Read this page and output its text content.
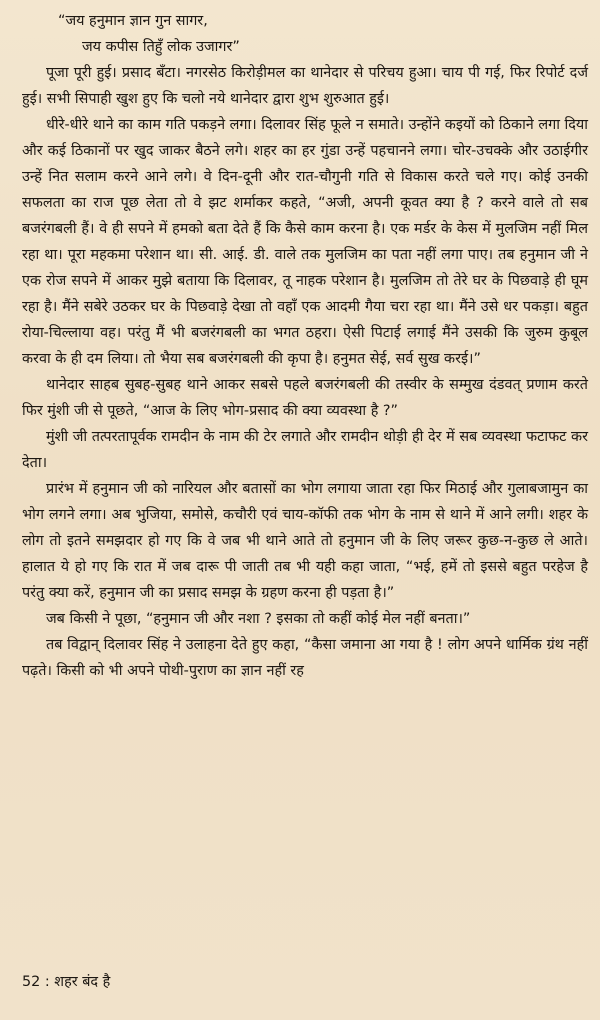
“जय हनुमान ज्ञान गुन सागर,

जय कपीस तिहुँ लोक उजागर”

पूजा पूरी हुई। प्रसाद बँटा। नगरसेठ किरोड़ीमल का थानेदार से परिचय हुआ। चाय पी गई, फिर रिपोर्ट दर्ज हुई। सभी सिपाही खुश हुए कि चलो नये थानेदार द्वारा शुभ शुरुआत हुई।

धीरे-धीरे थाने का काम गति पकड़ने लगा। दिलावर सिंह फूले न समाते। उन्होंने कइयों को ठिकाने लगा दिया और कई ठिकानों पर खुद जाकर बैठने लगे। शहर का हर गुंडा उन्हें पहचानने लगा। चोर-उचक्के और उठाईगीर उन्हें नित सलाम करने आने लगे। वे दिन-दूनी और रात-चौगुनी गति से विकास करते चले गए। कोई उनकी सफलता का राज पूछ लेता तो वे झट शर्माकर कहते, “अजी, अपनी कूवत क्या है ? करने वाले तो सब बजरंगबली हैं। वे ही सपने में हमको बता देते हैं कि कैसे काम करना है। एक मर्डर के केस में मुलजिम नहीं मिल रहा था। पूरा महकमा परेशान था। सी. आई. डी. वाले तक मुलजिम का पता नहीं लगा पाए। तब हनुमान जी ने एक रोज सपने में आकर मुझे बताया कि दिलावर, तू नाहक परेशान है। मुलजिम तो तेरे घर के पिछवाड़े ही घूम रहा है। मैंने सबेरे उठकर घर के पिछवाड़े देखा तो वहाँ एक आदमी गैया चरा रहा था। मैंने उसे धर पकड़ा। बहुत रोया-चिल्लाया वह। परंतु मैं भी बजरंगबली का भगत ठहरा। ऐसी पिटाई लगाई मैंने उसकी कि जुरुम कुबूल करवा के ही दम लिया। तो भैया सब बजरंगबली की कृपा है। हनुमत सेई, सर्व सुख करई।”

थानेदार साहब सुबह-सुबह थाने आकर सबसे पहले बजरंगबली की तस्वीर के सम्मुख दंडवत् प्रणाम करते फिर मुंशी जी से पूछते, “आज के लिए भोग-प्रसाद की क्या व्यवस्था है ?”

मुंशी जी तत्परतापूर्वक रामदीन के नाम की टेर लगाते और रामदीन थोड़ी ही देर में सब व्यवस्था फटाफट कर देता।

प्रारंभ में हनुमान जी को नारियल और बतासों का भोग लगाया जाता रहा फिर मिठाई और गुलाबजामुन का भोग लगने लगा। अब भुजिया, समोसे, कचौरी एवं चाय-कॉफी तक भोग के नाम से थाने में आने लगी। शहर के लोग तो इतने समझदार हो गए कि वे जब भी थाने आते तो हनुमान जी के लिए जरूर कुछ-न-कुछ ले आते। हालात ये हो गए कि रात में जब दारू पी जाती तब भी यही कहा जाता, “भई, हमें तो इससे बहुत परहेज है परंतु क्या करें, हनुमान जी का प्रसाद समझ के ग्रहण करना ही पड़ता है।”

जब किसी ने पूछा, “हनुमान जी और नशा ? इसका तो कहीं कोई मेल नहीं बनता।”

तब विद्वान् दिलावर सिंह ने उलाहना देते हुए कहा, “कैसा जमाना आ गया है ! लोग अपने धार्मिक ग्रंथ नहीं पढ़ते। किसी को भी अपने पोथी-पुराण का ज्ञान नहीं रह

52 : शहर बंद है
